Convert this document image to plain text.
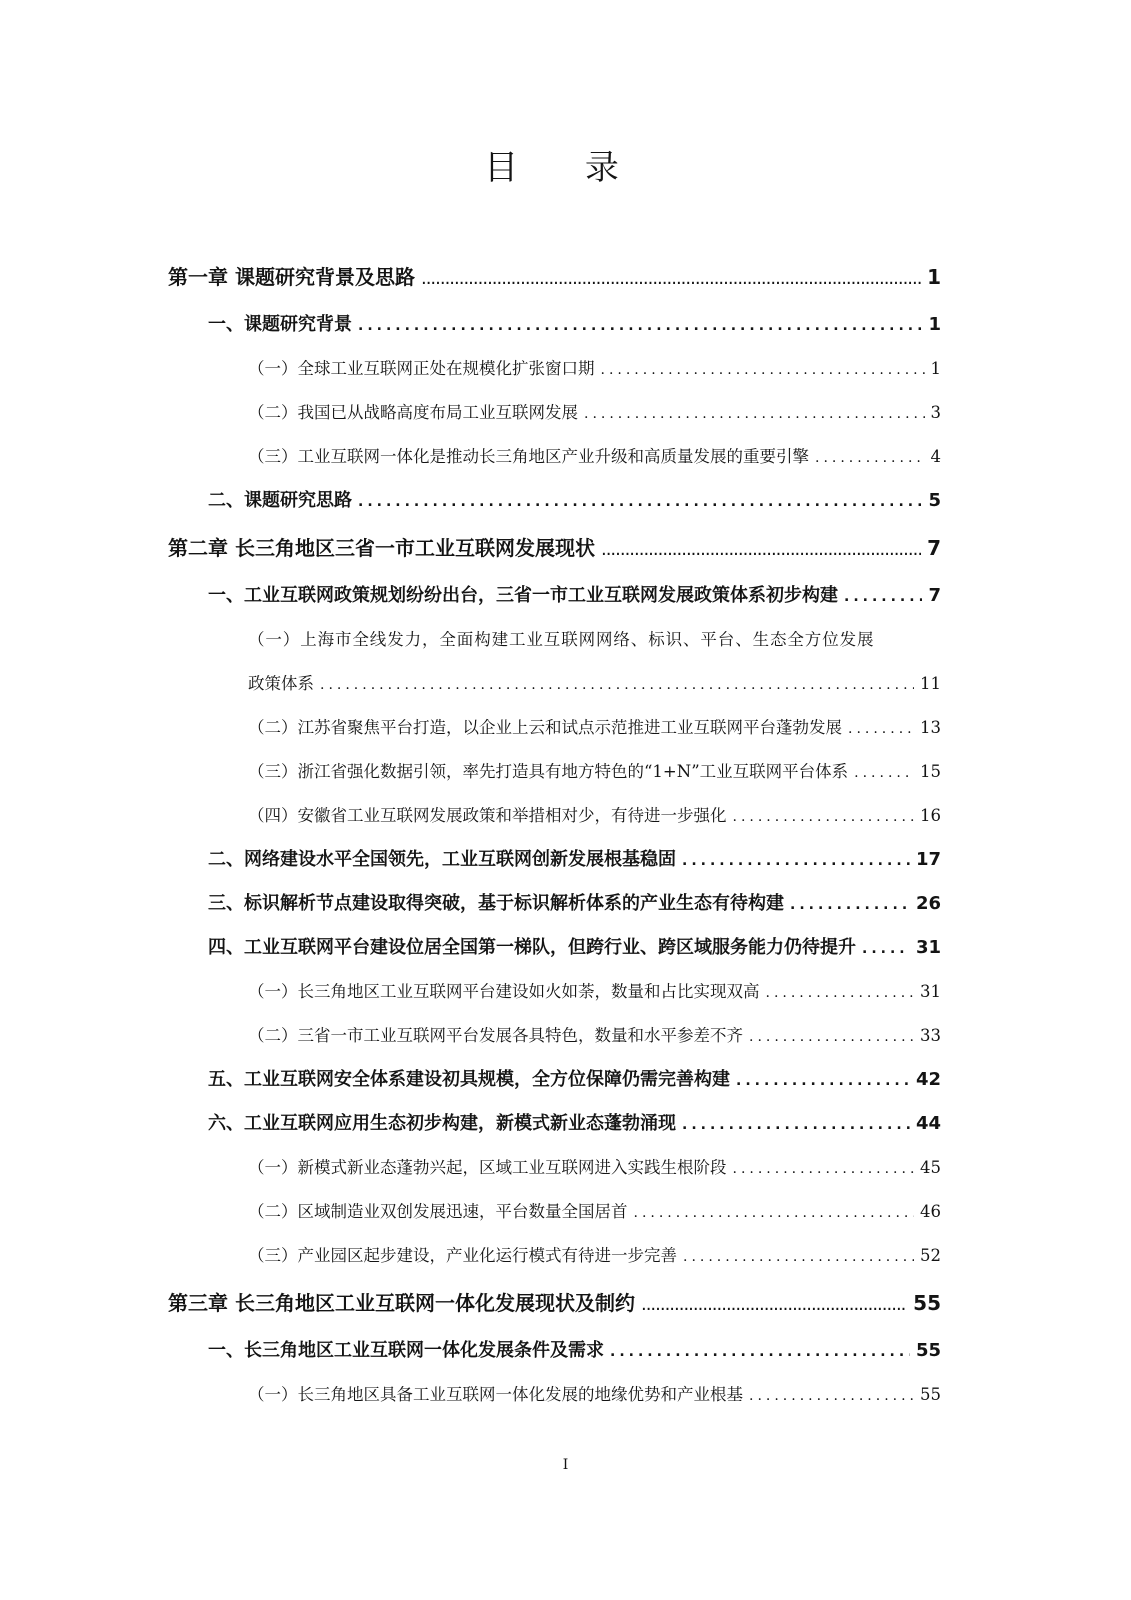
目 录
第一章 课题研究背景及思路 .....	1
一、课题研究背景 .....	1
（一）全球工业互联网正处在规模化扩张窗口期 .....	1
（二）我国已从战略高度布局工业互联网发展 .....	3
（三）工业互联网一体化是推动长三角地区产业升级和高质量发展的重要引擎 .....	4
二、课题研究思路 .....	5
第二章 长三角地区三省一市工业互联网发展现状 .....	7
一、工业互联网政策规划纷纷出台，三省一市工业互联网发展政策体系初步构建 .....	7
（一）上海市全线发力，全面构建工业互联网网络、标识、平台、生态全方位发展
政策体系 .....	11
（二）江苏省聚焦平台打造，以企业上云和试点示范推进工业互联网平台蓬勃发展 .....	13
（三）浙江省强化数据引领，率先打造具有地方特色的“1+N”工业互联网平台体系 .....	15
（四）安徽省工业互联网发展政策和举措相对少，有待进一步强化 .....	16
二、网络建设水平全国领先，工业互联网创新发展根基稳固 .....	17
三、标识解析节点建设取得突破，基于标识解析体系的产业生态有待构建 .....	26
四、工业互联网平台建设位居全国第一梯队，但跨行业、跨区域服务能力仍待提升 .....	31
（一）长三角地区工业互联网平台建设如火如荼，数量和占比实现双高 .....	31
（二）三省一市工业互联网平台发展各具特色，数量和水平参差不齐 .....	33
五、工业互联网安全体系建设初具规模，全方位保障仍需完善构建 .....	42
六、工业互联网应用生态初步构建，新模式新业态蓬勃涌现 .....	44
（一）新模式新业态蓬勃兴起，区域工业互联网进入实践生根阶段 .....	45
（二）区域制造业双创发展迅速，平台数量全国居首 .....	46
（三）产业园区起步建设，产业化运行模式有待进一步完善 .....	52
第三章 长三角地区工业互联网一体化发展现状及制约 .....	55
一、长三角地区工业互联网一体化发展条件及需求 .....	55
（一）长三角地区具备工业互联网一体化发展的地缘优势和产业根基 .....	55
I
